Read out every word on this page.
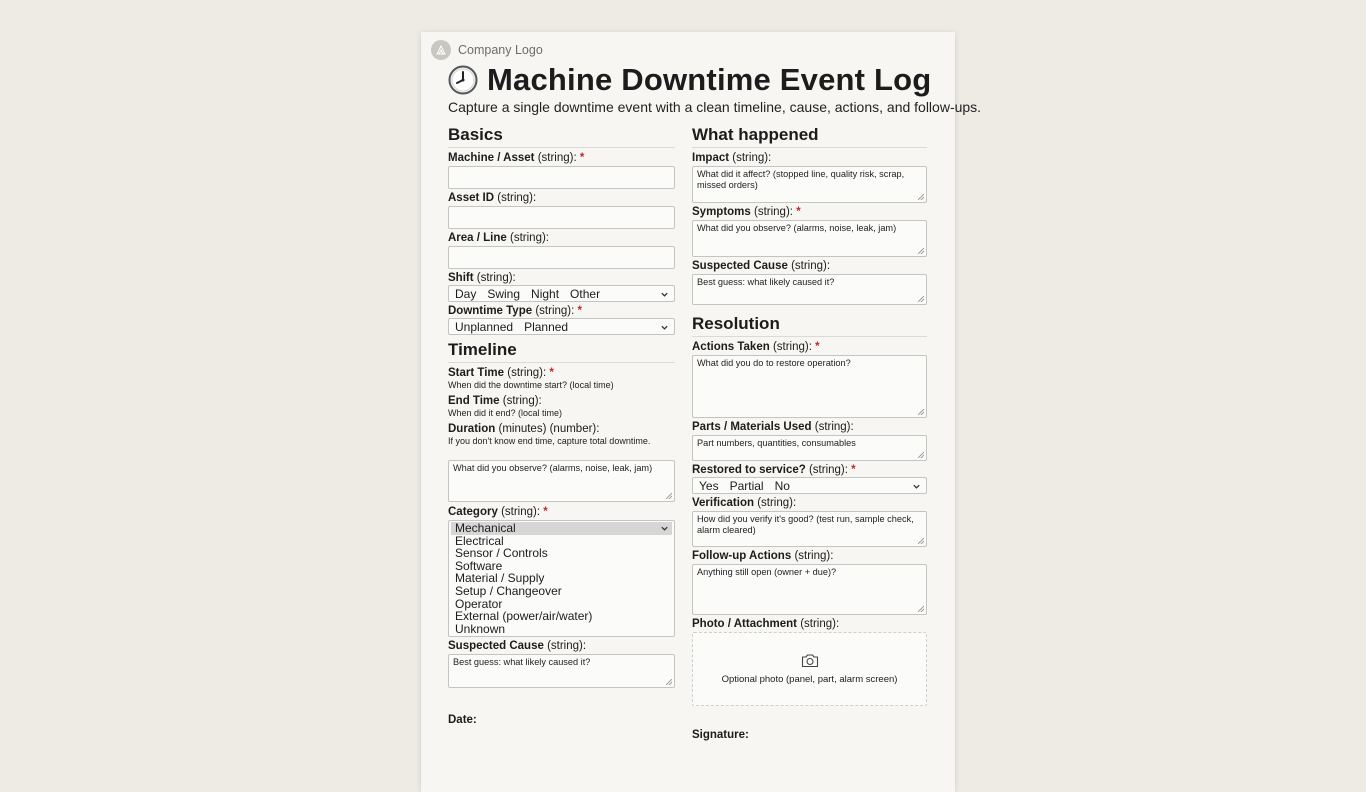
Company Logo
Machine Downtime Event Log
Capture a single downtime event with a clean timeline, cause, actions, and follow-ups.
Basics
Machine / Asset (string): *
Asset ID (string):
Area / Line (string):
Shift (string):
Day Swing Night Other
Downtime Type (string): *
Unplanned Planned
Timeline
Start Time (string): *
When did the downtime start? (local time)
End Time (string):
When did it end? (local time)
Duration (minutes) (number):
If you don't know end time, capture total downtime.
What did you observe? (alarms, noise, leak, jam)
Category (string): *
Mechanical
Electrical
Sensor / Controls
Software
Material / Supply
Setup / Changeover
Operator
External (power/air/water)
Unknown
Suspected Cause (string):
Best guess: what likely caused it?
Date:
What happened
Impact (string):
What did it affect? (stopped line, quality risk, scrap, missed orders)
Symptoms (string): *
What did you observe? (alarms, noise, leak, jam)
Suspected Cause (string):
Best guess: what likely caused it?
Resolution
Actions Taken (string): *
What did you do to restore operation?
Parts / Materials Used (string):
Part numbers, quantities, consumables
Restored to service? (string): *
Yes Partial No
Verification (string):
How did you verify it's good? (test run, sample check, alarm cleared)
Follow-up Actions (string):
Anything still open (owner + due)?
Photo / Attachment (string):
Optional photo (panel, part, alarm screen)
Signature:
